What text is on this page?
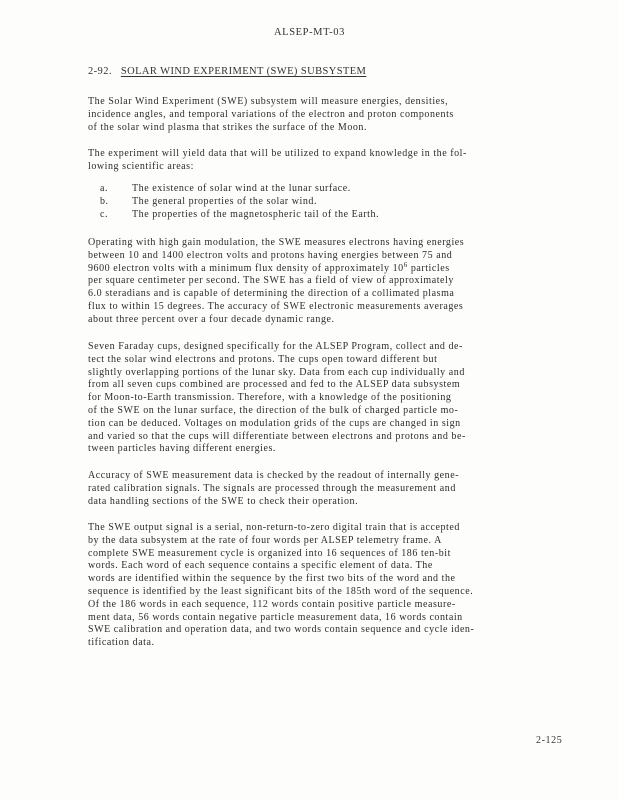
ALSEP-MT-03
2-92. SOLAR WIND EXPERIMENT (SWE) SUBSYSTEM
The Solar Wind Experiment (SWE) subsystem will measure energies, densities,
incidence angles, and temporal variations of the electron and proton components
of the solar wind plasma that strikes the surface of the Moon.
The experiment will yield data that will be utilized to expand knowledge in the fol-
lowing scientific areas:
a.	The existence of solar wind at the lunar surface.
b.	The general properties of the solar wind.
c.	The properties of the magnetospheric tail of the Earth.
Operating with high gain modulation, the SWE measures electrons having energies
between 10 and 1400 electron volts and protons having energies between 75 and
9600 electron volts with a minimum flux density of approximately $10^6$ particles
per square centimeter per second. The SWE has a field of view of approximately
6.0 steradians and is capable of determining the direction of a collimated plasma
flux to within 15 degrees. The accuracy of SWE electronic measurements averages
about three percent over a four decade dynamic range.
Seven Faraday cups, designed specifically for the ALSEP Program, collect and de-
tect the solar wind electrons and protons. The cups open toward different but
slightly overlapping portions of the lunar sky. Data from each cup individually and
from all seven cups combined are processed and fed to the ALSEP data subsystem
for Moon-to-Earth transmission. Therefore, with a knowledge of the positioning
of the SWE on the lunar surface, the direction of the bulk of charged particle mo-
tion can be deduced. Voltages on modulation grids of the cups are changed in sign
and varied so that the cups will differentiate between electrons and protons and be-
tween particles having different energies.
Accuracy of SWE measurement data is checked by the readout of internally gene-
rated calibration signals. The signals are processed through the measurement and
data handling sections of the SWE to check their operation.
The SWE output signal is a serial, non-return-to-zero digital train that is accepted
by the data subsystem at the rate of four words per ALSEP telemetry frame. A
complete SWE measurement cycle is organized into 16 sequences of 186 ten-bit
words. Each word of each sequence contains a specific element of data. The
words are identified within the sequence by the first two bits of the word and the
sequence is identified by the least significant bits of the 185th word of the sequence.
Of the 186 words in each sequence, 112 words contain positive particle measure-
ment data, 56 words contain negative particle measurement data, 16 words contain
SWE calibration and operation data, and two words contain sequence and cycle iden-
tification data.
2-125
